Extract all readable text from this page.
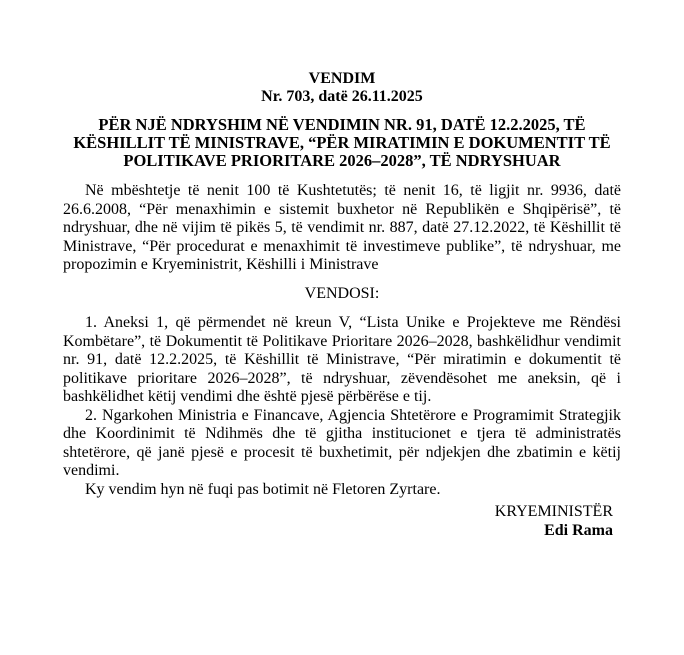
VENDIM
Nr. 703, datë 26.11.2025
PËR NJË NDRYSHIM NË VENDIMIN NR. 91, DATË 12.2.2025, TË KËSHILLIT TË MINISTRAVE, “PËR MIRATIMIN E DOKUMENTIT TË POLITIKAVE PRIORITARE 2026–2028”, TË NDRYSHUAR

Në mbështetje të nenit 100 të Kushtetutës; të nenit 16, të ligjit nr. 9936, datë 26.6.2008, “Për menaxhimin e sistemit buxhetor në Republikën e Shqipërisë”, të ndryshuar, dhe në vijim të pikës 5, të vendimit nr. 887, datë 27.12.2022, të Këshillit të Ministrave, “Për procedurat e menaxhimit të investimeve publike”, të ndryshuar, me propozimin e Kryeministrit, Këshilli i Ministrave

VENDOSI:

1. Aneksi 1, që përmendet në kreun V, “Lista Unike e Projekteve me Rëndësi Kombëtare”, të Dokumentit të Politikave Prioritare 2026–2028, bashkëlidhur vendimit nr. 91, datë 12.2.2025, të Këshillit të Ministrave, “Për miratimin e dokumentit të politikave prioritare 2026–2028”, të ndryshuar, zëvendësohet me aneksin, që i bashkëlidhet këtij vendimi dhe është pjesë përbërëse e tij.

2. Ngarkohen Ministria e Financave, Agjencia Shtetërore e Programimit Strategjik dhe Koordinimit të Ndihmës dhe të gjitha institucionet e tjera të administratës shtetërore, që janë pjesë e procesit të buxhetimit, për ndjekjen dhe zbatimin e këtij vendimi.

Ky vendim hyn në fuqi pas botimit në Fletoren Zyrtare.

KRYEMINISTËR
Edi Rama
